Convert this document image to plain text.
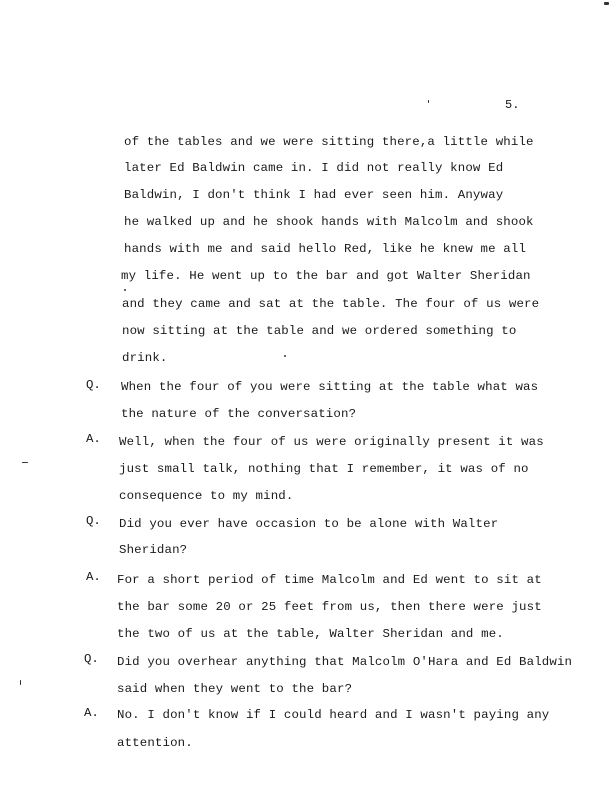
5.
of the tables and we were sitting there,a little while
later Ed Baldwin came in. I did not really know Ed
Baldwin, I don't think I had ever seen him. Anyway
he walked up and he shook hands with Malcolm and shook
hands with me and said hello Red, like he knew me all
my life. He went up to the bar and got Walter Sheridan
and they came and sat at the table. The four of us were
now sitting at the table and we ordered something to
drink.
Q. When the four of you were sitting at the table what was
the nature of the conversation?
A. Well, when the four of us were originally present it was
just small talk, nothing that I remember, it was of no
consequence to my mind.
Q. Did you ever have occasion to be alone with Walter
Sheridan?
A. For a short period of time Malcolm and Ed went to sit at
the bar some 20 or 25 feet from us, then there were just
the two of us at the table, Walter Sheridan and me.
Q. Did you overhear anything that Malcolm O'Hara and Ed Baldwin
said when they went to the bar?
A. No. I don't know if I could heard and I wasn't paying any
attention.
